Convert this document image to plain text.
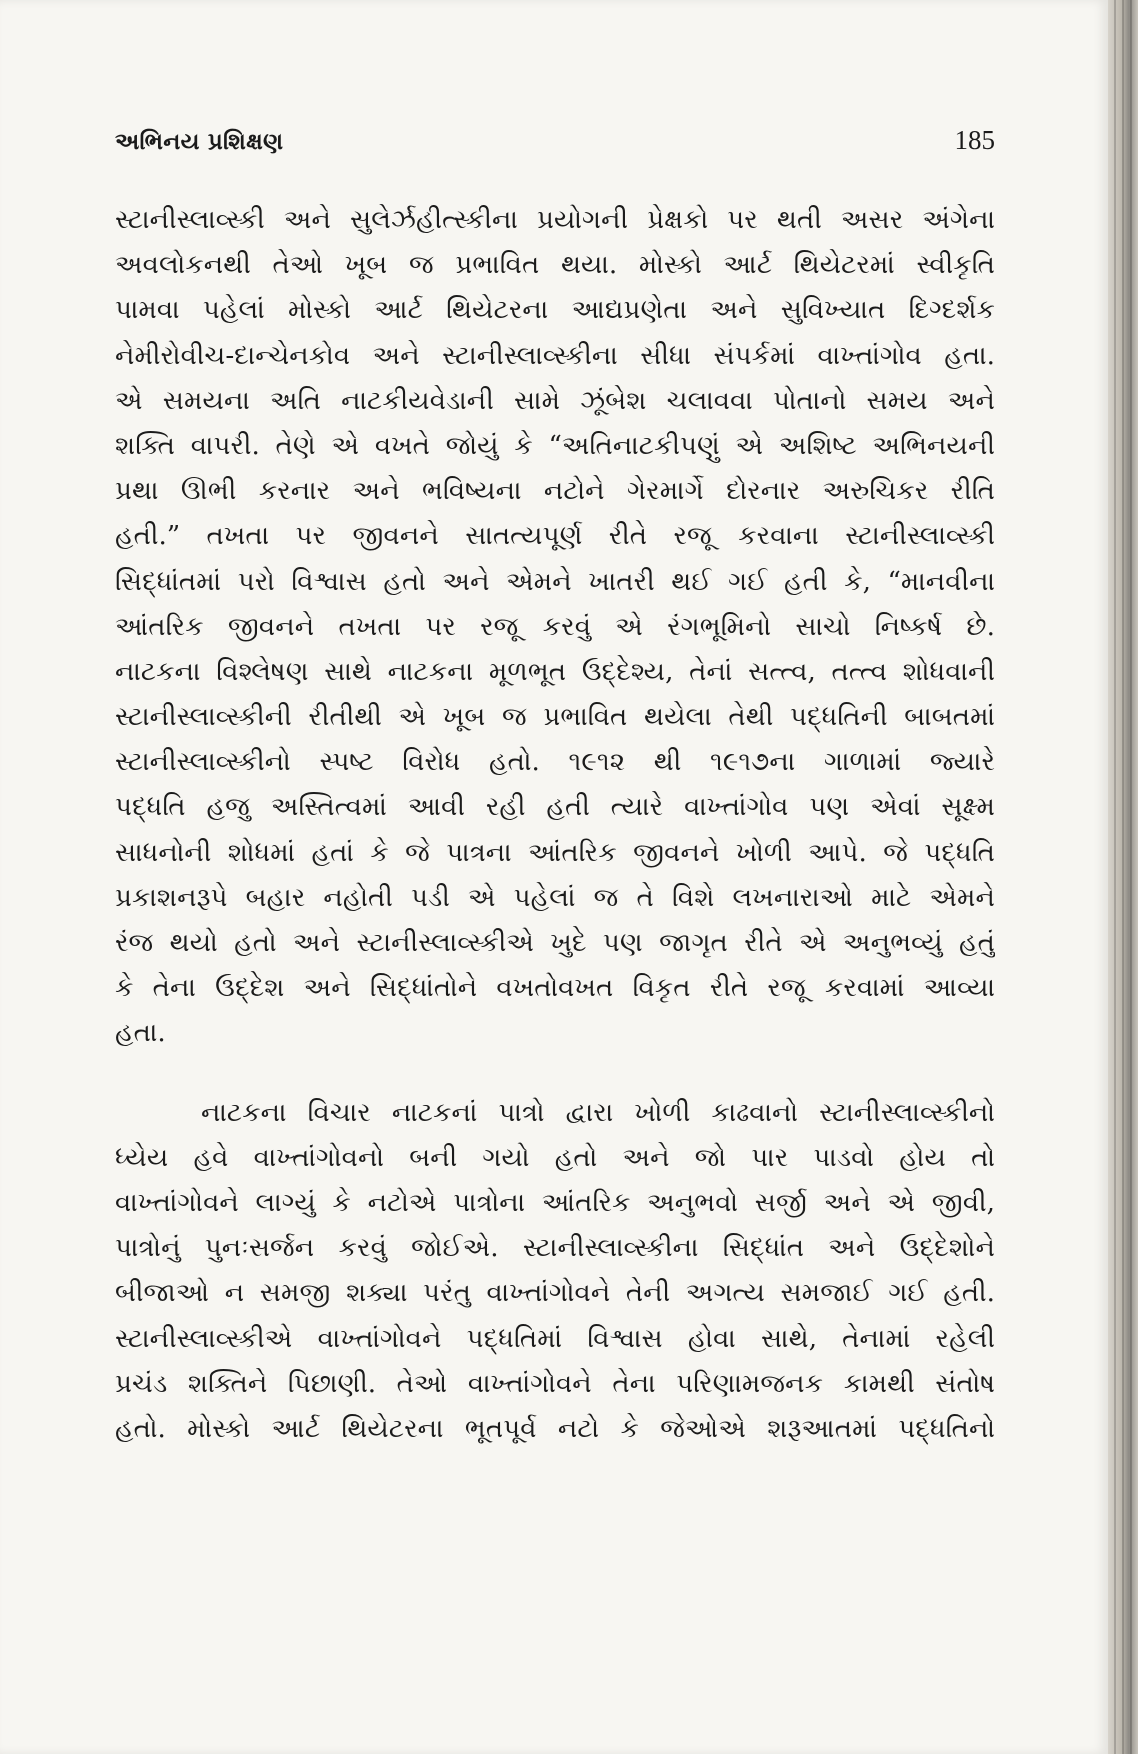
અભિનય પ્રશિક્ષણ	185
સ્ટાનીસ્લાવ્સ્કી અને સુલેર્ઝહીત્સ્કીના પ્રયોગની પ્રેક્ષકો પર થતી અસર અંગેના
અવલોકનથી તેઓ ખૂબ જ પ્રભાવિત થયા. મોસ્કો આર્ટ થિયેટરમાં સ્વીકૃતિ
પામવા પહેલાં મોસ્કો આર્ટ થિયેટરના આદ્યપ્રણેતા અને સુવિખ્યાત દિગ્દર્શક
નેમીરોવીચ-દાન્ચેનકોવ અને સ્ટાનીસ્લાવ્સ્કીના સીધા સંપર્કમાં વાખ્તાંગોવ હતા.
એ સમયના અતિ નાટકીયવેડાની સામે ઝૂંબેશ ચલાવવા પોતાનો સમય અને
શક્તિ વાપરી. તેણે એ વખતે જોયું કે “અતિનાટકીપણું એ અશિષ્ટ અભિનયની
પ્રથા ઊભી કરનાર અને ભવિષ્યના નટોને ગેરમાર્ગે દોરનાર અરુચિકર રીતિ
હતી.” તખતા પર જીવનને સાતત્યપૂર્ણ રીતે રજૂ કરવાના સ્ટાનીસ્લાવ્સ્કી
સિદ્ધાંતમાં પરો વિશ્વાસ હતો અને એમને ખાતરી થઈ ગઈ હતી કે, “માનવીના
આંતરિક જીવનને તખતા પર રજૂ કરવું એ રંગભૂમિનો સાચો નિષ્કર્ષ છે.
નાટકના વિશ્લેષણ સાથે નાટકના મૂળભૂત ઉદ્દેશ્ય, તેનાં સત્ત્વ, તત્ત્વ શોધવાની
સ્ટાનીસ્લાવ્સ્કીની રીતીથી એ ખૂબ જ પ્રભાવિત થયેલા તેથી પદ્ધતિની બાબતમાં
સ્ટાનીસ્લાવ્સ્કીનો સ્પષ્ટ વિરોધ હતો. ૧૯૧૨ થી ૧૯૧૭ના ગાળામાં જ્યારે
પદ્ધતિ હજુ અસ્તિત્વમાં આવી રહી હતી ત્યારે વાખ્તાંગોવ પણ એવાં સૂક્ષ્મ
સાધનોની શોધમાં હતાં કે જે પાત્રના આંતરિક જીવનને ખોળી આપે. જે પદ્ધતિ
પ્રકાશનરૂપે બહાર નહોતી પડી એ પહેલાં જ તે વિશે લખનારાઓ માટે એમને
રંજ થયો હતો અને સ્ટાનીસ્લાવ્સ્કીએ ખુદે પણ જાગૃત રીતે એ અનુભવ્યું હતું
કે તેના ઉદ્દેશ અને સિદ્ધાંતોને વખતોવખત વિકૃત રીતે રજૂ કરવામાં આવ્યા
હતા.
નાટકના વિચાર નાટકનાં પાત્રો દ્વારા ખોળી કાઢવાનો સ્ટાનીસ્લાવ્સ્કીનો
ધ્યેય હવે વાખ્તાંગોવનો બની ગયો હતો અને જો પાર પાડવો હોય તો
વાખ્તાંગોવને લાગ્યું કે નટોએ પાત્રોના આંતરિક અનુભવો સર્જી અને એ જીવી,
પાત્રોનું પુનઃસર્જન કરવું જોઈએ. સ્ટાનીસ્લાવ્સ્કીના સિદ્ધાંત અને ઉદ્દેશોને
બીજાઓ ન સમજી શક્યા પરંતુ વાખ્તાંગોવને તેની અગત્ય સમજાઈ ગઈ હતી.
સ્ટાનીસ્લાવ્સ્કીએ વાખ્તાંગોવને પદ્ધતિમાં વિશ્વાસ હોવા સાથે, તેનામાં રહેલી
પ્રચંડ શક્તિને પિછાણી. તેઓ વાખ્તાંગોવને તેના પરિણામજનક કામથી સંતોષ
હતો. મોસ્કો આર્ટ થિયેટરના ભૂતપૂર્વ નટો કે જેઓએ શરૂઆતમાં પદ્ધતિનો
